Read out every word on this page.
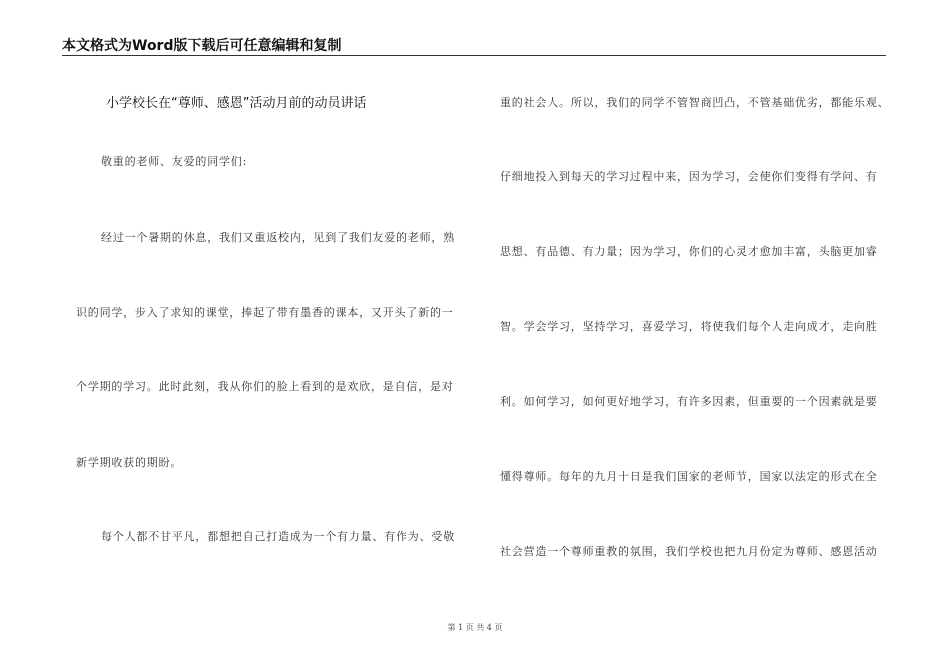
本文格式为Word版下载后可任意编辑和复制
小学校长在“尊师、感恩”活动月前的动员讲话
敬重的老师、友爱的同学们:
经过一个暑期的休息，我们又重返校内，见到了我们友爱的老师，熟
识的同学，步入了求知的课堂，捧起了带有墨香的课本，又开头了新的一
个学期的学习。此时此刻，我从你们的脸上看到的是欢欣，是自信，是对
新学期收获的期盼。
每个人都不甘平凡，都想把自己打造成为一个有力量、有作为、受敬
重的社会人。所以，我们的同学不管智商凹凸，不管基础优劣，都能乐观、
仔细地投入到每天的学习过程中来，因为学习，会使你们变得有学问、有
思想、有品德、有力量；因为学习，你们的心灵才愈加丰富，头脑更加睿
智。学会学习，坚持学习，喜爱学习，将使我们每个人走向成才，走向胜
利。如何学习，如何更好地学习，有许多因素，但重要的一个因素就是要
懂得尊师。每年的九月十日是我们国家的老师节，国家以法定的形式在全
社会营造一个尊师重教的氛围，我们学校也把九月份定为尊师、感恩活动
第 1 页 共 4 页
